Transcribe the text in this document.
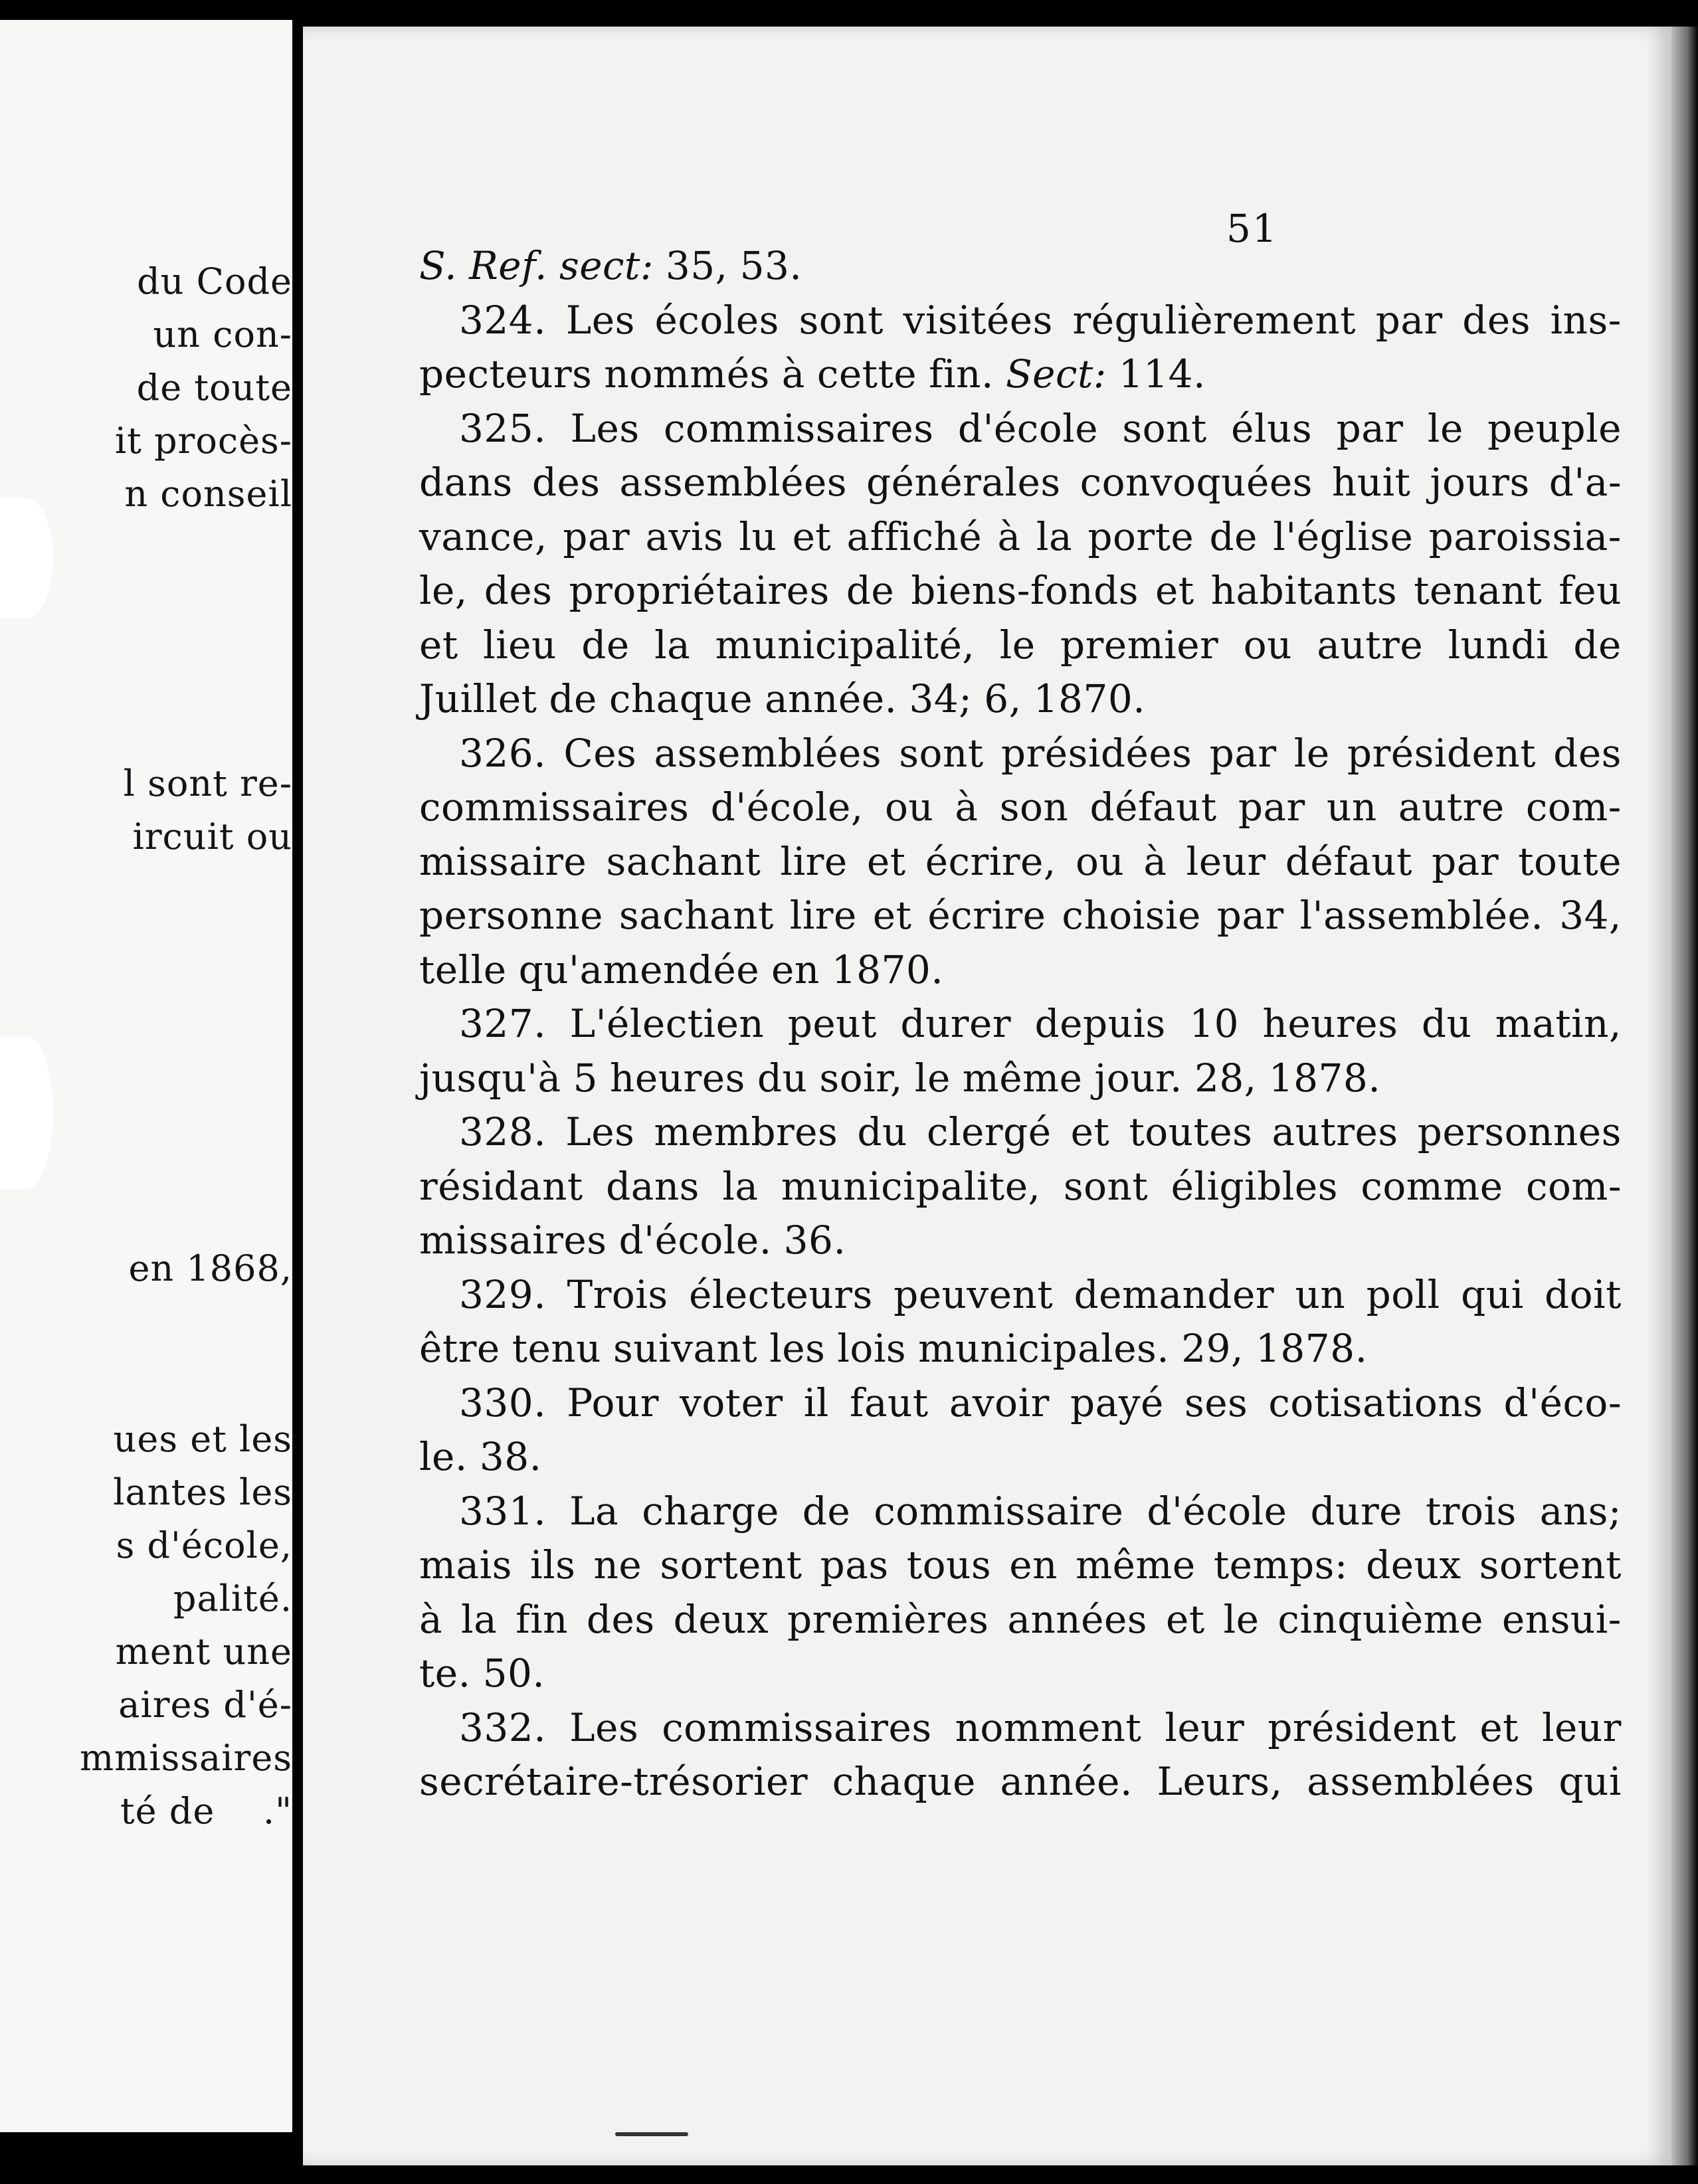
du Code
un con-
de toute
it procès-
n conseil
l sont re-
ircuit ou
en 1868,
ues et les
lantes les
s d'école,
palité.
ment une
aires d'é-
mmissaires
té de    ."
51
S. Ref. sect: 35, 53.
324. Les écoles sont visitées régulièrement par des ins-
pecteurs nommés à cette fin. Sect: 114.
325. Les commissaires d'école sont élus par le peuple
dans des assemblées générales convoquées huit jours d'a-
vance, par avis lu et affiché à la porte de l'église paroissia-
le, des propriétaires de biens-fonds et habitants tenant feu
et lieu de la municipalité, le premier ou autre lundi de
Juillet de chaque année. 34; 6, 1870.
326. Ces assemblées sont présidées par le président des
commissaires d'école, ou à son défaut par un autre com-
missaire sachant lire et écrire, ou à leur défaut par toute
personne sachant lire et écrire choisie par l'assemblée. 34,
telle qu'amendée en 1870.
327. L'électien peut durer depuis 10 heures du matin,
jusqu'à 5 heures du soir, le même jour. 28, 1878.
328. Les membres du clergé et toutes autres personnes
résidant dans la municipalite, sont éligibles comme com-
missaires d'école. 36.
329. Trois électeurs peuvent demander un poll qui doit
être tenu suivant les lois municipales. 29, 1878.
330. Pour voter il faut avoir payé ses cotisations d'éco-
le. 38.
331. La charge de commissaire d'école dure trois ans;
mais ils ne sortent pas tous en même temps: deux sortent
à la fin des deux premières années et le cinquième ensui-
te. 50.
332. Les commissaires nomment leur président et leur
secrétaire-trésorier chaque année. Leurs, assemblées qui
